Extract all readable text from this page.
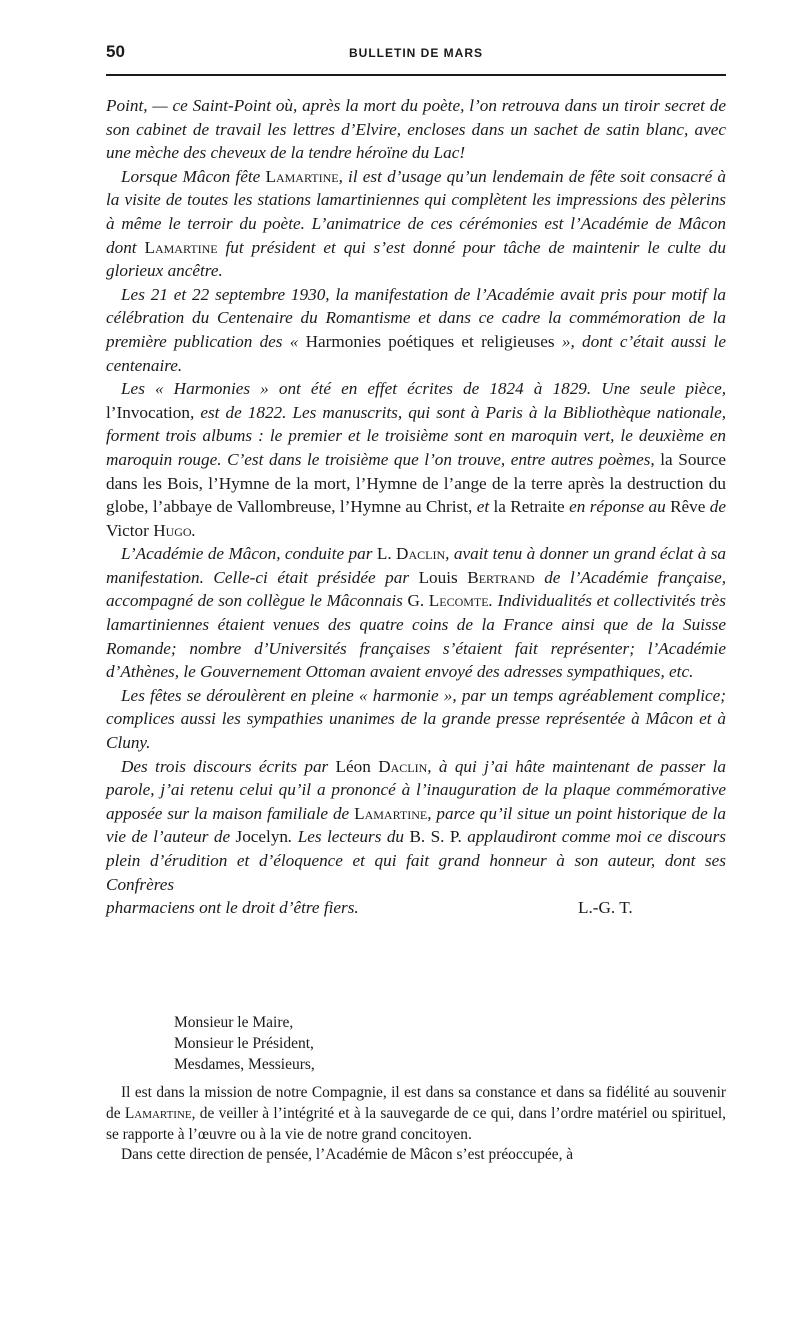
50	BULLETIN DE MARS

Point, — ce Saint-Point où, après la mort du poète, l’on retrouva dans un tiroir secret de son cabinet de travail les lettres d’Elvire, encloses dans un sachet de satin blanc, avec une mèche des cheveux de la tendre héroïne du Lac!

Lorsque Mâcon fête Lamartine, il est d’usage qu’un lendemain de fête soit consacré à la visite de toutes les stations lamartiniennes qui complètent les impressions des pèlerins à même le terroir du poète. L’animatrice de ces cérémonies est l’Académie de Mâcon dont Lamartine fut président et qui s’est donné pour tâche de maintenir le culte du glorieux ancêtre.

Les 21 et 22 septembre 1930, la manifestation de l’Académie avait pris pour motif la célébration du Centenaire du Romantisme et dans ce cadre la commémoration de la première publication des « Harmonies poétiques et religieuses », dont c’était aussi le centenaire.

Les « Harmonies » ont été en effet écrites de 1824 à 1829. Une seule pièce, l’Invocation, est de 1822. Les manuscrits, qui sont à Paris à la Bibliothèque nationale, forment trois albums : le premier et le troisième sont en maroquin vert, le deuxième en maroquin rouge. C’est dans le troisième que l’on trouve, entre autres poèmes, la Source dans les Bois, l’Hymne de la mort, l’Hymne de l’ange de la terre après la destruction du globe, l’abbaye de Vallombreuse, l’Hymne au Christ, et la Retraite en réponse au Rêve de Victor Hugo.

L’Académie de Mâcon, conduite par L. Daclin, avait tenu à donner un grand éclat à sa manifestation. Celle-ci était présidée par Louis Bertrand de l’Académie française, accompagné de son collègue le Mâconnais G. Lecomte. Individualités et collectivités très lamartiniennes étaient venues des quatre coins de la France ainsi que de la Suisse Romande; nombre d’Universités françaises s’étaient fait représenter; l’Académie d’Athènes, le Gouvernement Ottoman avaient envoyé des adresses sympathiques, etc.

Les fêtes se déroulèrent en pleine « harmonie », par un temps agréablement complice; complices aussi les sympathies unanimes de la grande presse représentée à Mâcon et à Cluny.

Des trois discours écrits par Léon Daclin, à qui j’ai hâte maintenant de passer la parole, j’ai retenu celui qu’il a prononcé à l’inauguration de la plaque commémorative apposée sur la maison familiale de Lamartine, parce qu’il situe un point historique de la vie de l’auteur de Jocelyn. Les lecteurs du B. S. P. applaudiront comme moi ce discours plein d’érudition et d’éloquence et qui fait grand honneur à son auteur, dont ses Confrères

pharmaciens ont le droit d’être fiers.	L.-G. T.
Monsieur le Maire,
Monsieur le Président,
Mesdames, Messieurs,

Il est dans la mission de notre Compagnie, il est dans sa constance et dans sa fidélité au souvenir de Lamartine, de veiller à l’intégrité et à la sauvegarde de ce qui, dans l’ordre matériel ou spirituel, se rapporte à l’œuvre ou à la vie de notre grand concitoyen.

Dans cette direction de pensée, l’Académie de Mâcon s’est préoccupée, à
